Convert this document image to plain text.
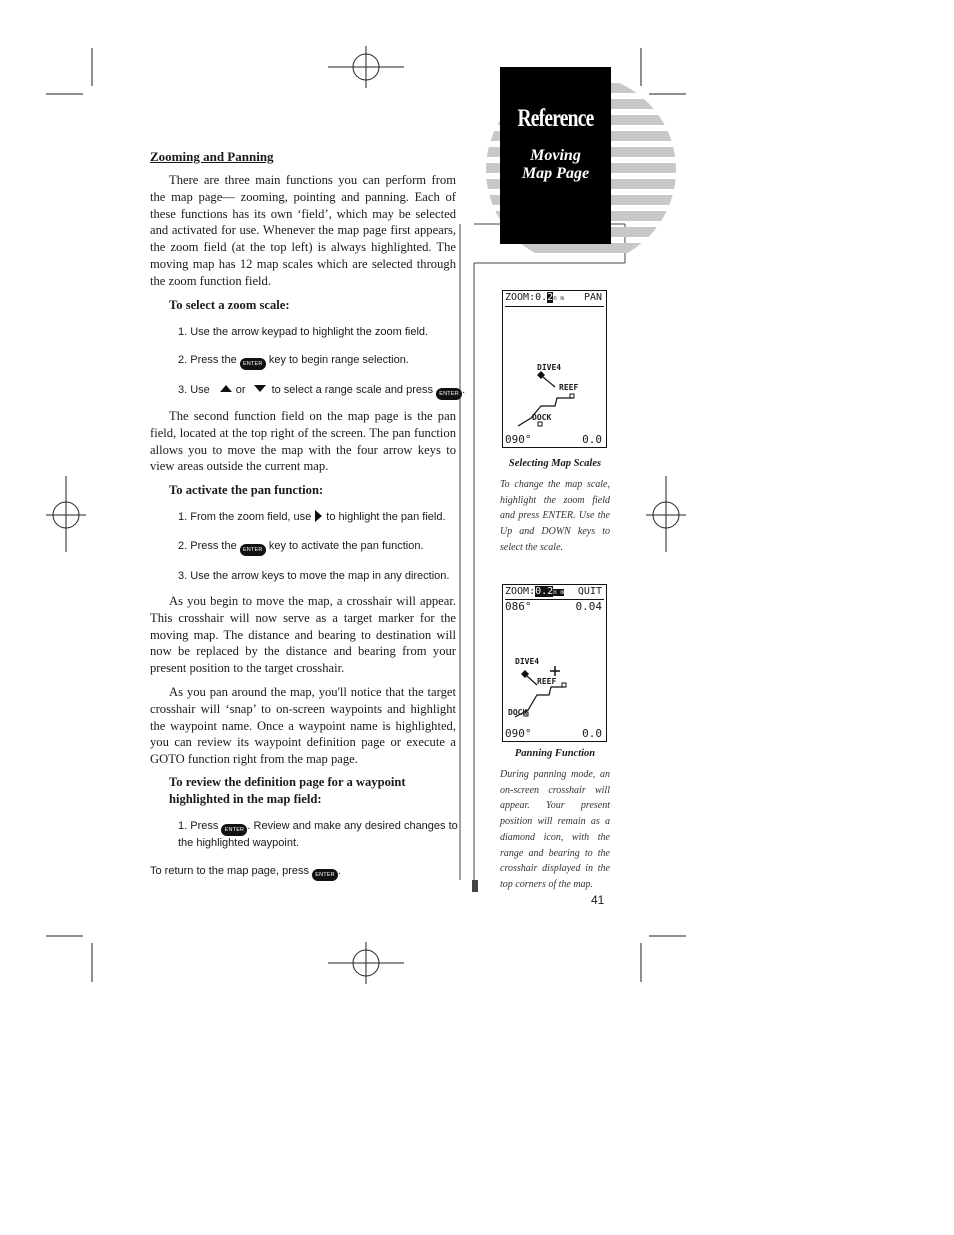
Reference
Moving
Map Page
Zooming and Panning
There are three main functions you can perform from the map page— zooming, pointing and panning. Each of these functions has its own ‘field’, which may be selected and activated for use. Whenever the map page first appears, the zoom field (at the top left) is always highlighted. The moving map has 12 map scales which are selected through the zoom function field.
To select a zoom scale:
1. Use the arrow keypad to highlight the zoom field.
2. Press the ENTER key to begin range selection.
3. Use or to select a range scale and press ENTER .
The second function field on the map page is the pan field, located at the top right of the screen. The pan function allows you to move the map with the four arrow keys to view areas outside the current map.
To activate the pan function:
1. From the zoom field, use to highlight the pan field.
2. Press the ENTER key to activate the pan function.
3. Use the arrow keys to move the map in any direction.
As you begin to move the map, a crosshair will appear. This crosshair will now serve as a target marker for the moving map. The distance and bearing to destination will now be replaced by the distance and bearing from your present position to the target crosshair.
As you pan around the map, you'll notice that the target crosshair will ‘snap’ to on-screen waypoints and highlight the waypoint name. Once a waypoint name is highlighted, you can review its waypoint definition page or execute a GOTO function right from the map page.
To review the definition page for a waypoint highlighted in the map field:
1. Press ENTER . Review and make any desired changes to the highlighted waypoint.
To return to the map page, press ENTER .
ZOOM:0.2n m PAN
DIVE4
REEF
DOCK
090°	0.0
Selecting Map Scales
To change the map scale, highlight the zoom field and press ENTER. Use the Up and DOWN keys to select the scale.
ZOOM:0.2n m QUIT
086°	0.04
DIVE4
REEF
DOCK
090°	0.0
Panning Function
During panning mode, an on-screen crosshair will appear. Your present position will remain as a diamond icon, with the range and bearing to the crosshair displayed in the top corners of the map.
41
